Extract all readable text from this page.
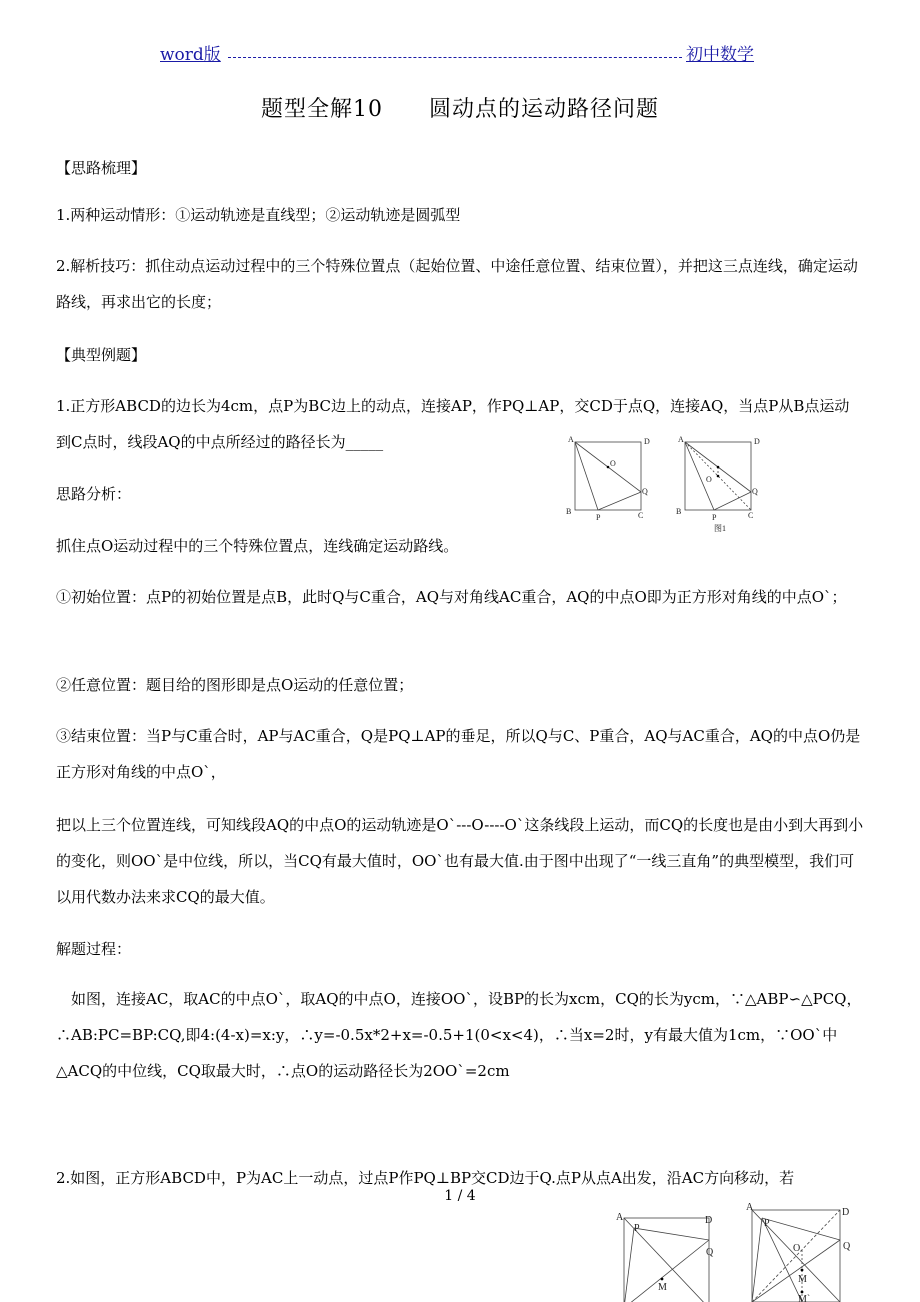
word版	初中数学
题型全解10　　圆动点的运动路径问题
【思路梳理】
1.两种运动情形：①运动轨迹是直线型；②运动轨迹是圆弧型
2.解析技巧：抓住动点运动过程中的三个特殊位置点（起始位置、中途任意位置、结束位置），并把这三点连线，确定运动路线，再求出它的长度；
【典型例题】
1.正方形ABCD的边长为4cm，点P为BC边上的动点，连接AP，作PQ⊥AP，交CD于点Q，连接AQ，当点P从B点运动到C点时，线段AQ的中点所经过的路径长为_____
思路分析：
抓住点O运动过程中的三个特殊位置点，连线确定运动路线。
①初始位置：点P的初始位置是点B，此时Q与C重合，AQ与对角线AC重合，AQ的中点O即为正方形对角线的中点O`；
②任意位置：题目给的图形即是点O运动的任意位置；
③结束位置：当P与C重合时，AP与AC重合，Q是PQ⊥AP的垂足，所以Q与C、P重合，AQ与AC重合，AQ的中点O仍是正方形对角线的中点O`，
把以上三个位置连线，可知线段AQ的中点O的运动轨迹是O`---O----O`这条线段上运动，而CQ的长度也是由小到大再到小的变化，则OO`是中位线，所以，当CQ有最大值时，OO`也有最大值.由于图中出现了“一线三直角”的典型模型，我们可以用代数办法来求CQ的最大值。
解题过程：
　如图，连接AC，取AC的中点O`，取AQ的中点O，连接OO`，设BP的长为xcm，CQ的长为ycm，∵△ABP∽△PCQ，∴AB:PC=BP:CQ,即4:(4-x)=x:y，∴y=-0.5x*2+x=-0.5+1(0<x<4)，∴当x=2时，y有最大值为1cm，∵OO`中△ACQ的中位线，CQ取最大时，∴点O的运动路径长为2OO`=2cm
2.如图，正方形ABCD中，P为AC上一动点，过点P作PQ⊥BP交CD边于Q.点P从点A出发，沿AC方向移动，若
1 / 4
A	D
O
Q
B
P	C
A	D
O
Q
B
P	C
图1
A	D
P
Q
M
A	D
P
O	Q
M
M`
